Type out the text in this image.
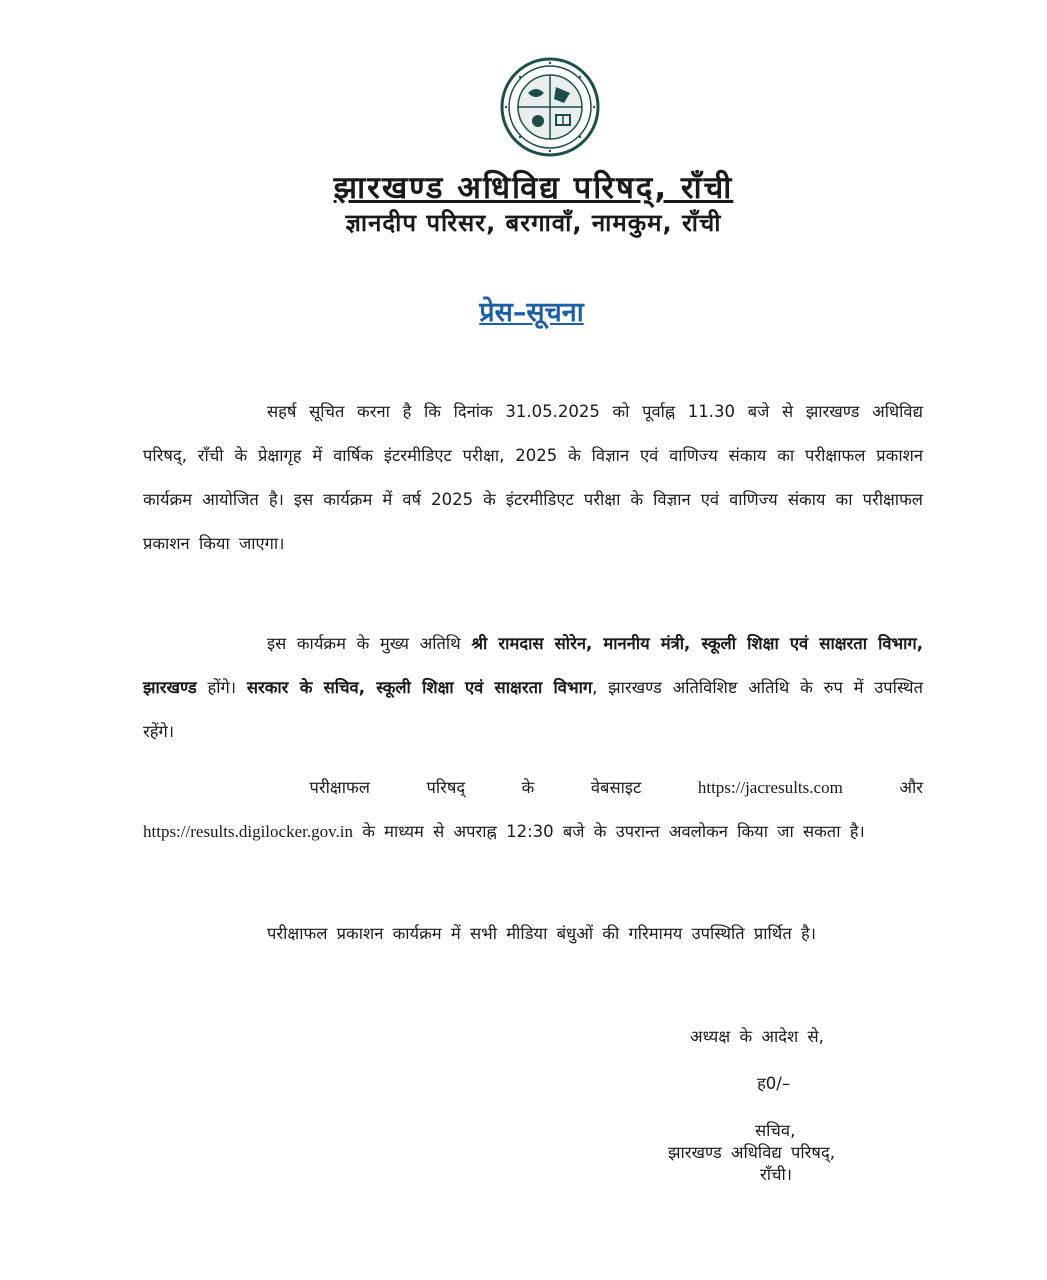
झारखण्ड अधिविद्य परिषद्, राँची
ज्ञानदीप परिसर, बरगावाँ, नामकुम, राँची
प्रेस–सूचना
सहर्ष सूचित करना है कि दिनांक 31.05.2025 को पूर्वाह्न 11.30 बजे से झारखण्ड अधिविद्य परिषद्, राँची के प्रेक्षागृह में वार्षिक इंटरमीडिएट परीक्षा, 2025 के विज्ञान एवं वाणिज्य संकाय का परीक्षाफल प्रकाशन कार्यक्रम आयोजित है। इस कार्यक्रम में वर्ष 2025 के इंटरमीडिएट परीक्षा के विज्ञान एवं वाणिज्य संकाय का परीक्षाफल प्रकाशन किया जाएगा।
इस कार्यक्रम के मुख्य अतिथि श्री रामदास सोरेन, माननीय मंत्री, स्कूली शिक्षा एवं साक्षरता विभाग, झारखण्ड होंगे। सरकार के सचिव, स्कूली शिक्षा एवं साक्षरता विभाग, झारखण्ड अतिविशिष्ट अतिथि के रुप में उपस्थित रहेंगे।
परीक्षाफल	परिषद्	के	वेबसाइट	https://jacresults.com	और
https://results.digilocker.gov.in के माध्यम से अपराह्न 12:30 बजे के उपरान्त अवलोकन किया जा सकता है।
परीक्षाफल प्रकाशन कार्यक्रम में सभी मीडिया बंधुओं की गरिमामय उपस्थिति प्रार्थित है।
अध्यक्ष के आदेश से,
ह0/–
सचिव,
झारखण्ड अधिविद्य परिषद्,
राँची।
